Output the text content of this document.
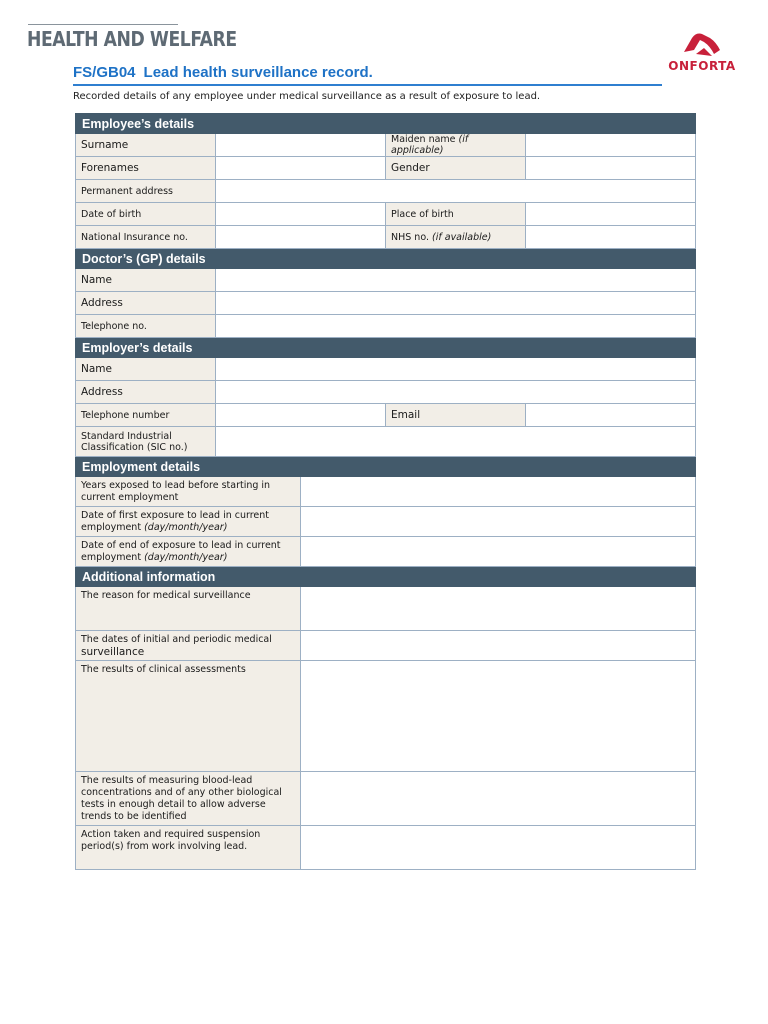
HEALTH AND WELFARE
ONFORTA
FS/GB04 Lead health surveillance record.
Recorded details of any employee under medical surveillance as a result of exposure to lead.
Employee’s details				
Surname			Maiden name (if applicable)	
Forenames			Gender	
Permanent address				
Date of birth			Place of birth	
National Insurance no.			NHS no. (if available)	
Doctor’s (GP) details				
Name				
Address				
Telephone no.				
Employer’s details				
Name				
Address				
Telephone number			Email	
Standard Industrial Classification (SIC no.)				
Employment details				
Years exposed to lead before starting in current employment				
Date of first exposure to lead in current employment (day/month/year)				
Date of end of exposure to lead in current employment (day/month/year)				
Additional information				
The reason for medical surveillance				
The dates of initial and periodic medical
surveillance				
The results of clinical assessments				
The results of measuring blood-lead concentrations and of any other biological tests in enough detail to allow adverse trends to be identified				
Action taken and required suspension period(s) from work involving lead.				
